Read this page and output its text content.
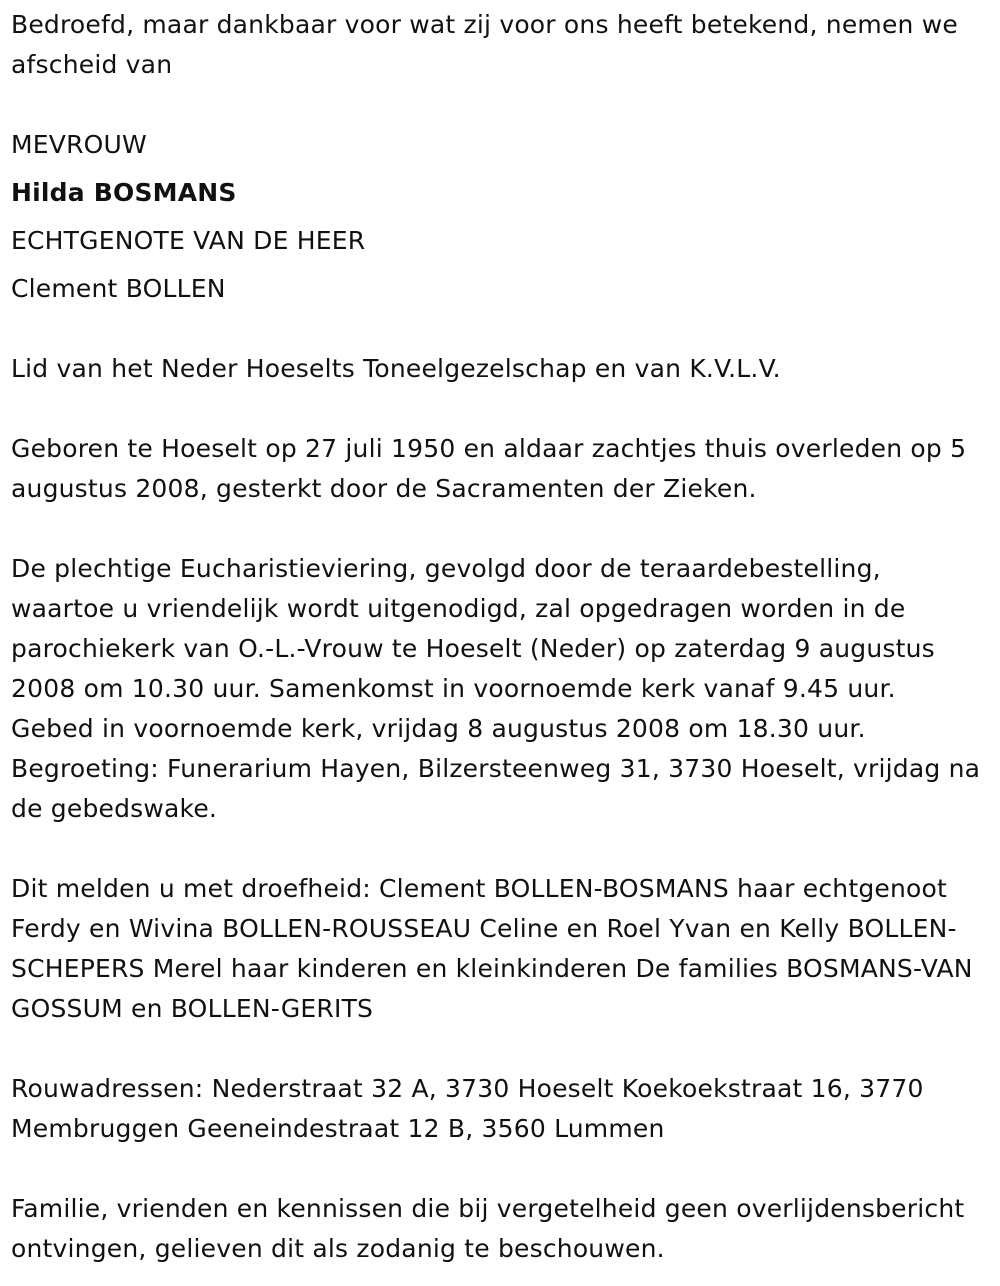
Bedroefd, maar dankbaar voor wat zij voor ons heeft betekend, nemen we afscheid van

MEVROUW

Hilda BOSMANS

ECHTGENOTE VAN DE HEER

Clement BOLLEN

Lid van het Neder Hoeselts Toneelgezelschap en van K.V.L.V.

Geboren te Hoeselt op 27 juli 1950 en aldaar zachtjes thuis overleden op 5 augustus 2008, gesterkt door de Sacramenten der Zieken.

De plechtige Eucharistieviering, gevolgd door de teraardebestelling, waartoe u vriendelijk wordt uitgenodigd, zal opgedragen worden in de parochiekerk van O.-L.-Vrouw te Hoeselt (Neder) op zaterdag 9 augustus 2008 om 10.30 uur. Samenkomst in voornoemde kerk vanaf 9.45 uur.

Gebed in voornoemde kerk, vrijdag 8 augustus 2008 om 18.30 uur.

Begroeting: Funerarium Hayen, Bilzersteenweg 31, 3730 Hoeselt, vrijdag na de gebedswake.

Dit melden u met droefheid: Clement BOLLEN-BOSMANS haar echtgenoot Ferdy en Wivina BOLLEN-ROUSSEAU Celine en Roel Yvan en Kelly BOLLEN-SCHEPERS Merel haar kinderen en kleinkinderen De families BOSMANS-VAN GOSSUM en BOLLEN-GERITS

Rouwadressen: Nederstraat 32 A, 3730 Hoeselt Koekoekstraat 16, 3770 Membruggen Geeneindestraat 12 B, 3560 Lummen

Familie, vrienden en kennissen die bij vergetelheid geen overlijdensbericht ontvingen, gelieven dit als zodanig te beschouwen.
